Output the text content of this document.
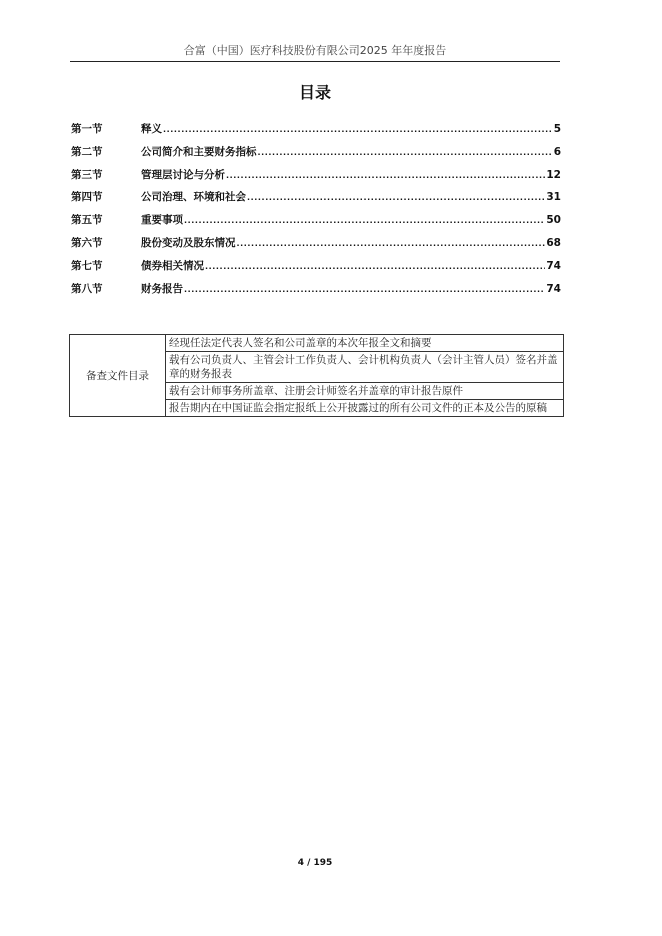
合富（中国）医疗科技股份有限公司2025 年年度报告
目录
第一节	释义 .....	5
第二节	公司简介和主要财务指标 .....	6
第三节	管理层讨论与分析 .....	12
第四节	公司治理、环境和社会 .....	31
第五节	重要事项 .....	50
第六节	股份变动及股东情况 .....	68
第七节	债券相关情况 .....	74
第八节	财务报告 .....	74
备查文件目录	经现任法定代表人签名和公司盖章的本次年报全文和摘要
载有公司负责人、主管会计工作负责人、会计机构负责人（会计主管人员）签名并盖章的财务报表
载有会计师事务所盖章、注册会计师签名并盖章的审计报告原件
报告期内在中国证监会指定报纸上公开披露过的所有公司文件的正本及公告的原稿
4 / 195
